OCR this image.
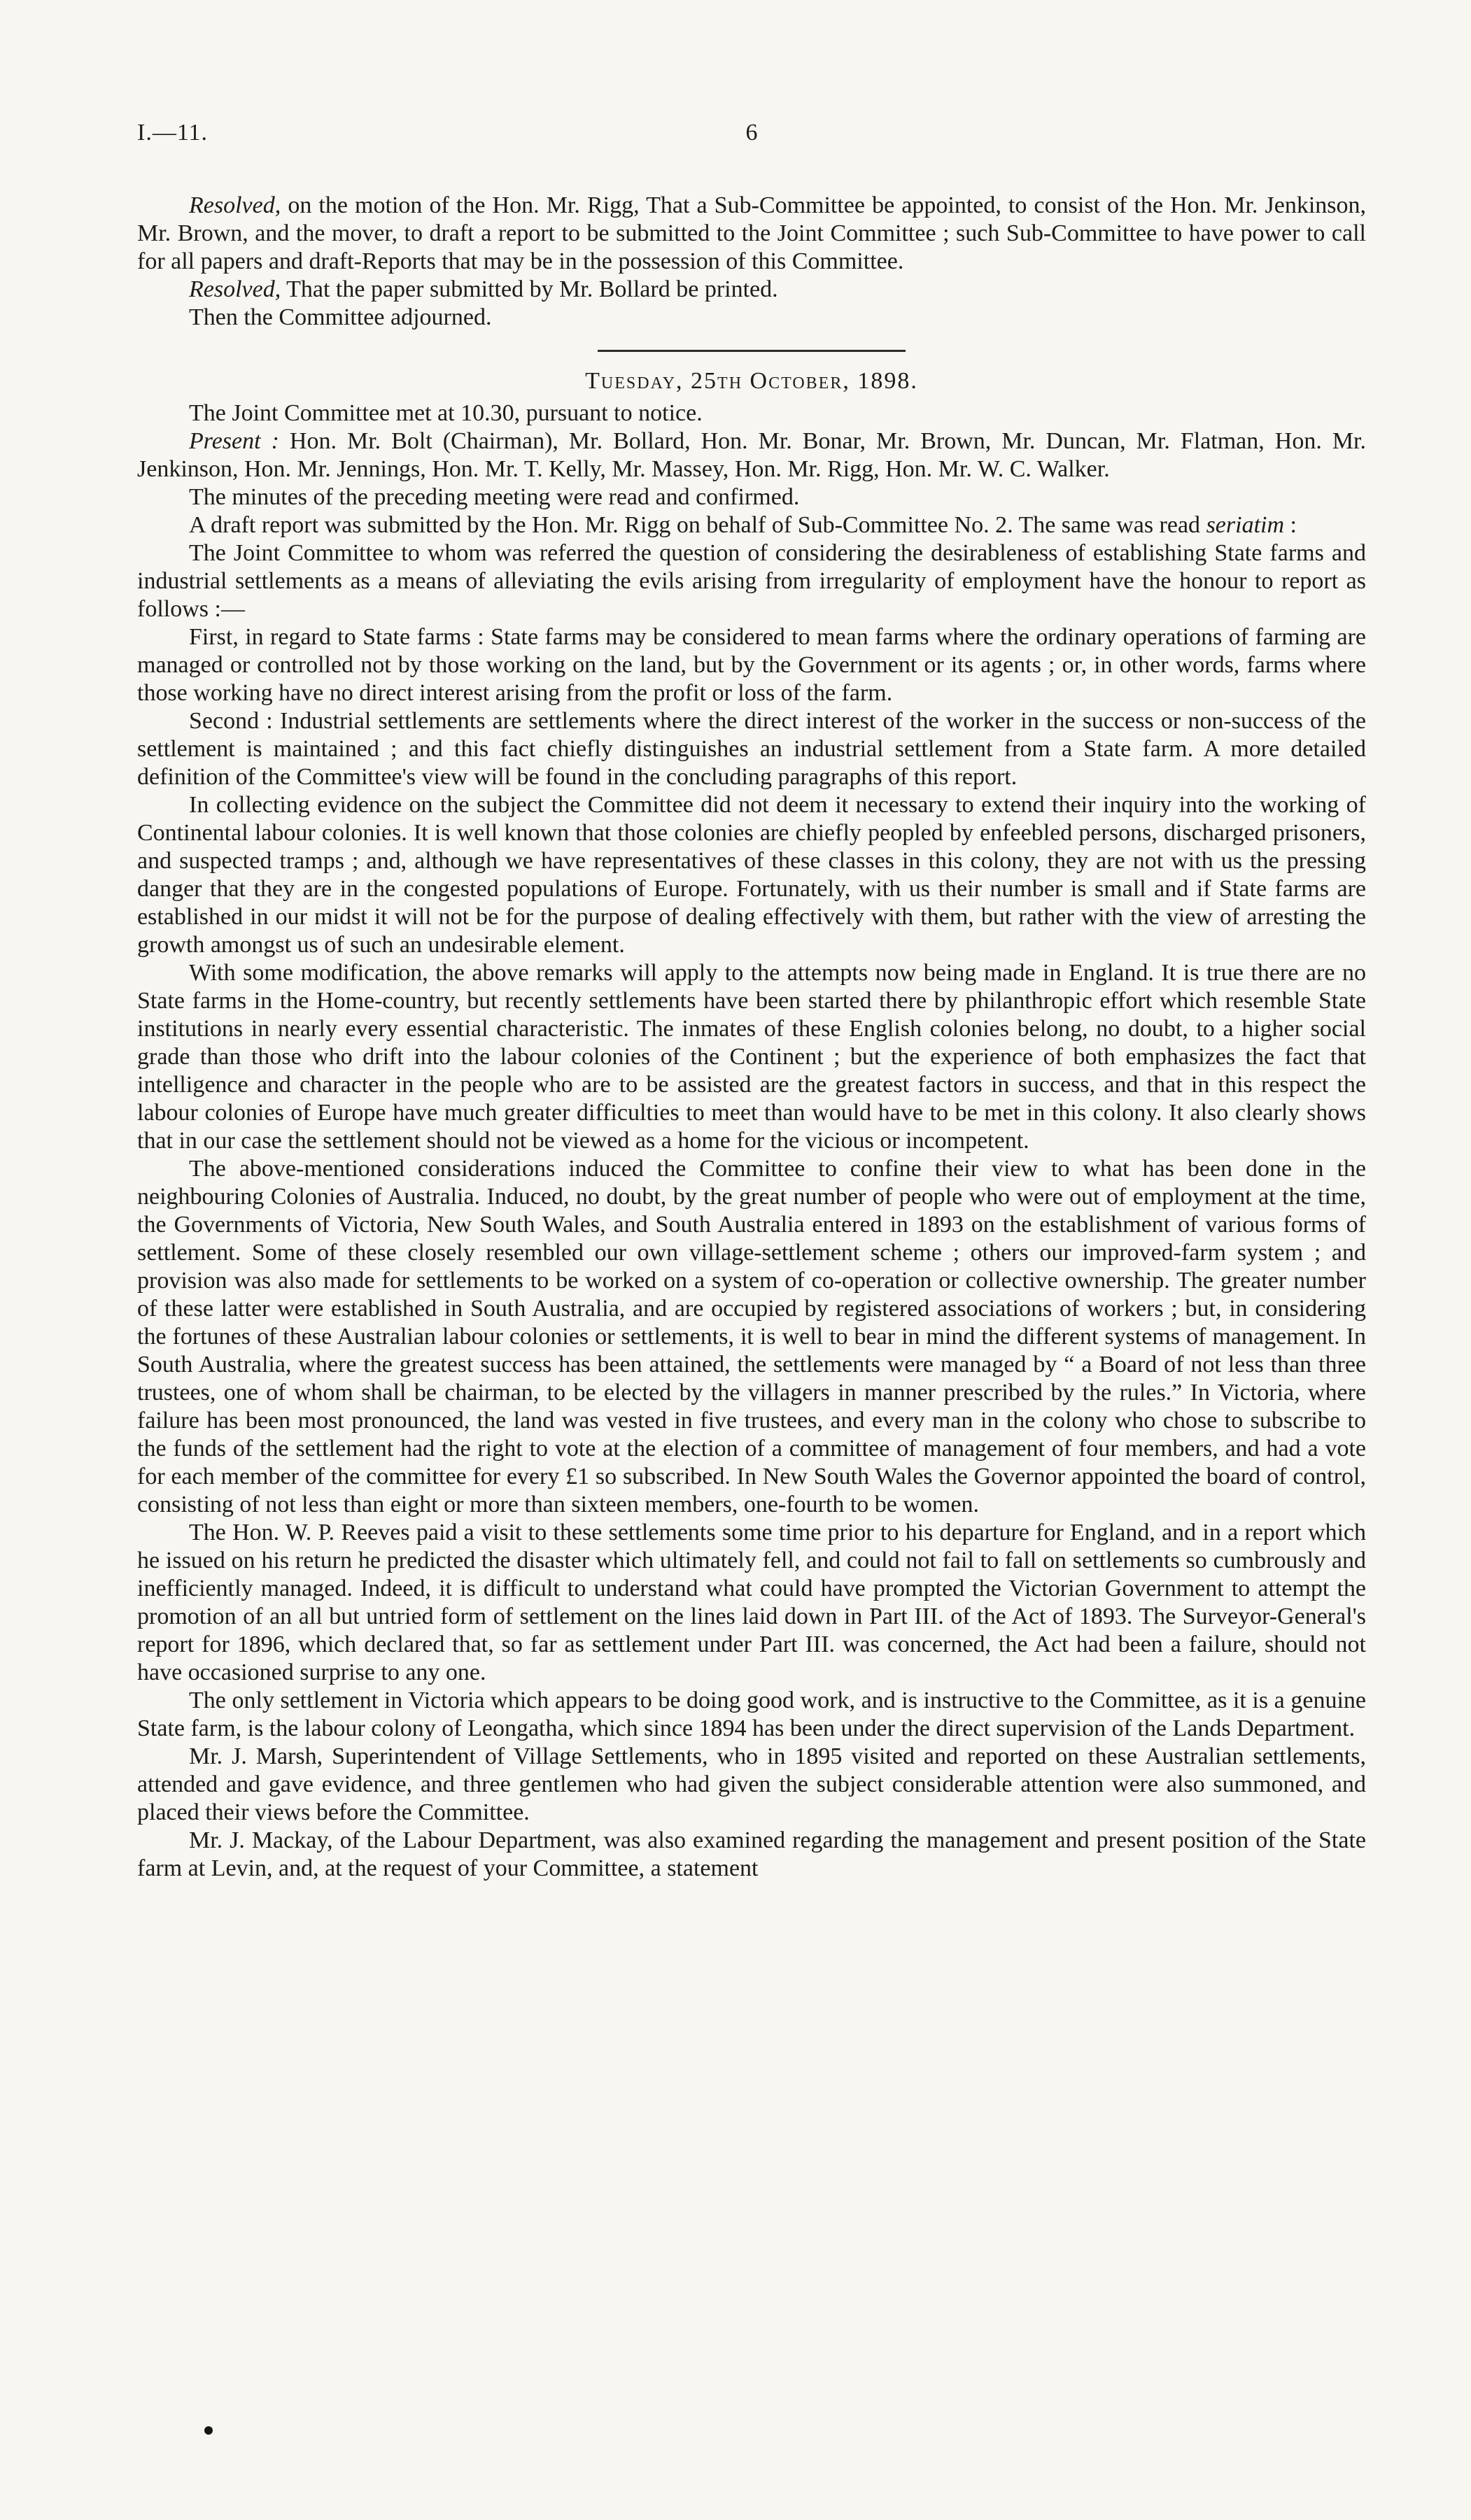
I.—11.	6

Resolved, on the motion of the Hon. Mr. Rigg, That a Sub-Committee be appointed, to consist of the Hon. Mr. Jenkinson, Mr. Brown, and the mover, to draft a report to be submitted to the Joint Committee ; such Sub-Committee to have power to call for all papers and draft-Reports that may be in the possession of this Committee.

Resolved, That the paper submitted by Mr. Bollard be printed.

Then the Committee adjourned.

Tuesday, 25th October, 1898.

The Joint Committee met at 10.30, pursuant to notice.

Present : Hon. Mr. Bolt (Chairman), Mr. Bollard, Hon. Mr. Bonar, Mr. Brown, Mr. Duncan, Mr. Flatman, Hon. Mr. Jenkinson, Hon. Mr. Jennings, Hon. Mr. T. Kelly, Mr. Massey, Hon. Mr. Rigg, Hon. Mr. W. C. Walker.

The minutes of the preceding meeting were read and confirmed.

A draft report was submitted by the Hon. Mr. Rigg on behalf of Sub-Committee No. 2. The same was read seriatim :

The Joint Committee to whom was referred the question of considering the desirableness of establishing State farms and industrial settlements as a means of alleviating the evils arising from irregularity of employment have the honour to report as follows :—

First, in regard to State farms : State farms may be considered to mean farms where the ordinary operations of farming are managed or controlled not by those working on the land, but by the Government or its agents ; or, in other words, farms where those working have no direct interest arising from the profit or loss of the farm.

Second : Industrial settlements are settlements where the direct interest of the worker in the success or non-success of the settlement is maintained ; and this fact chiefly distinguishes an industrial settlement from a State farm. A more detailed definition of the Committee's view will be found in the concluding paragraphs of this report.

In collecting evidence on the subject the Committee did not deem it necessary to extend their inquiry into the working of Continental labour colonies. It is well known that those colonies are chiefly peopled by enfeebled persons, discharged prisoners, and suspected tramps ; and, although we have representatives of these classes in this colony, they are not with us the pressing danger that they are in the congested populations of Europe. Fortunately, with us their number is small and if State farms are established in our midst it will not be for the purpose of dealing effectively with them, but rather with the view of arresting the growth amongst us of such an undesirable element.

With some modification, the above remarks will apply to the attempts now being made in England. It is true there are no State farms in the Home-country, but recently settlements have been started there by philanthropic effort which resemble State institutions in nearly every essential characteristic. The inmates of these English colonies belong, no doubt, to a higher social grade than those who drift into the labour colonies of the Continent ; but the experience of both emphasizes the fact that intelligence and character in the people who are to be assisted are the greatest factors in success, and that in this respect the labour colonies of Europe have much greater difficulties to meet than would have to be met in this colony. It also clearly shows that in our case the settlement should not be viewed as a home for the vicious or incompetent.

The above-mentioned considerations induced the Committee to confine their view to what has been done in the neighbouring Colonies of Australia. Induced, no doubt, by the great number of people who were out of employment at the time, the Governments of Victoria, New South Wales, and South Australia entered in 1893 on the establishment of various forms of settlement. Some of these closely resembled our own village-settlement scheme ; others our improved-farm system ; and provision was also made for settlements to be worked on a system of co-operation or collective ownership. The greater number of these latter were established in South Australia, and are occupied by registered associations of workers ; but, in considering the fortunes of these Australian labour colonies or settlements, it is well to bear in mind the different systems of management. In South Australia, where the greatest success has been attained, the settlements were managed by “ a Board of not less than three trustees, one of whom shall be chairman, to be elected by the villagers in manner prescribed by the rules.” In Victoria, where failure has been most pronounced, the land was vested in five trustees, and every man in the colony who chose to subscribe to the funds of the settlement had the right to vote at the election of a committee of management of four members, and had a vote for each member of the committee for every £1 so subscribed. In New South Wales the Governor appointed the board of control, consisting of not less than eight or more than sixteen members, one-fourth to be women.

The Hon. W. P. Reeves paid a visit to these settlements some time prior to his departure for England, and in a report which he issued on his return he predicted the disaster which ultimately fell, and could not fail to fall on settlements so cumbrously and inefficiently managed. Indeed, it is difficult to understand what could have prompted the Victorian Government to attempt the promotion of an all but untried form of settlement on the lines laid down in Part III. of the Act of 1893. The Surveyor-General's report for 1896, which declared that, so far as settlement under Part III. was concerned, the Act had been a failure, should not have occasioned surprise to any one.

The only settlement in Victoria which appears to be doing good work, and is instructive to the Committee, as it is a genuine State farm, is the labour colony of Leongatha, which since 1894 has been under the direct supervision of the Lands Department.

Mr. J. Marsh, Superintendent of Village Settlements, who in 1895 visited and reported on these Australian settlements, attended and gave evidence, and three gentlemen who had given the subject considerable attention were also summoned, and placed their views before the Committee.

Mr. J. Mackay, of the Labour Department, was also examined regarding the management and present position of the State farm at Levin, and, at the request of your Committee, a statement
